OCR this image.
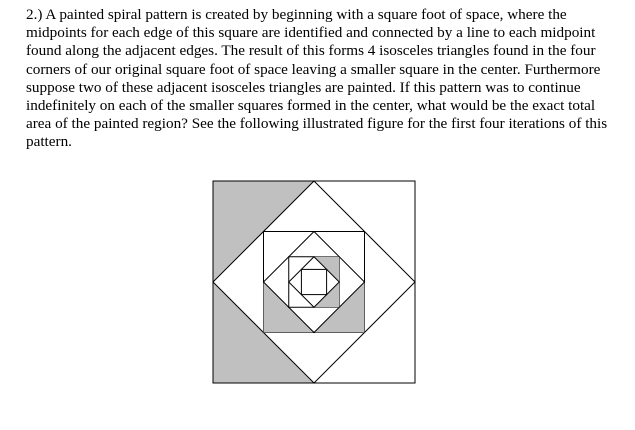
2.) A painted spiral pattern is created by beginning with a square foot of space, where the midpoints for each edge of this square are identified and connected by a line to each midpoint found along the adjacent edges. The result of this forms 4 isosceles triangles found in the four corners of our original square foot of space leaving a smaller square in the center. Furthermore suppose two of these adjacent isosceles triangles are painted. If this pattern was to continue indefinitely on each of the smaller squares formed in the center, what would be the exact total area of the painted region? See the following illustrated figure for the first four iterations of this pattern.
